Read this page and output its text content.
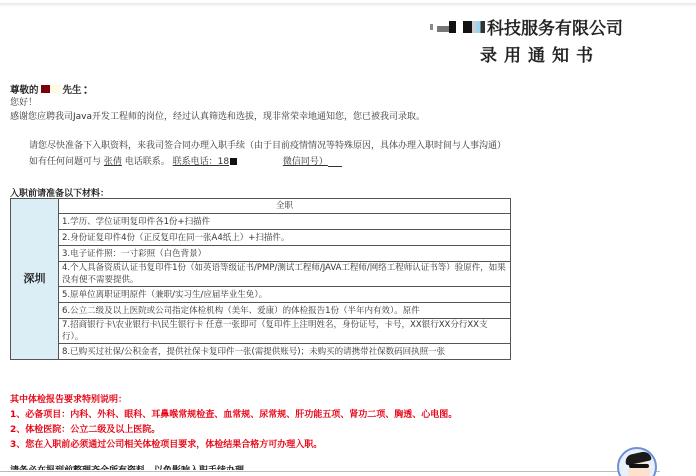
科技服务有限公司
录用通知书
尊敬的	先生 ：
您好！
感谢您应聘我司Java开发工程师的岗位，经过认真筛选和选拔，现非常荣幸地通知您，您已被我司录取。
请您尽快准备下入职资料，来我司签合同办理入职手续（由于目前疫情情况等特殊原因，具体办理入职时间与人事沟通）
如有任何问题可与 张倩 电话联系。 联系电话：18	微信同号）
入职前请准备以下材料：
深圳	全职
1.学历、学位证明复印件各1份+扫描件
2.身份证复印件4份（正反复印在同一张A4纸上）+扫描件。
3.电子证件照：一寸彩照（白色背景）
4.个人具备资质认证书复印件1份（如英语等级证书/PMP/测试工程师/JAVA工程师/网络工程师认证书等）验原件，如果没有便不需要提供。
5.原单位离职证明原件（兼职/实习生/应届毕业生免）。
6.公立二级及以上医院或公司指定体检机构（美年、爱康）的体检报告1份（半年内有效）。原件
7.招商银行卡\农业银行卡\民生银行卡 任意一张即可（复印件上注明姓名，身份证号，卡号，XX银行XX分行XX支行）。
8.已购买过社保/公积金者，提供社保卡复印件一张(需提供账号)；未购买的请携带社保数码回执照一张
其中体检报告要求特别说明：
1、必备项目：内科、外科、眼科、耳鼻喉常规检查、血常规、尿常规、肝功能五项、肾功二项、胸透、心电图。
2、体检医院：公立二级及以上医院。
3、您在入职前必须通过公司相关体检项目要求，体检结果合格方可办理入职。
